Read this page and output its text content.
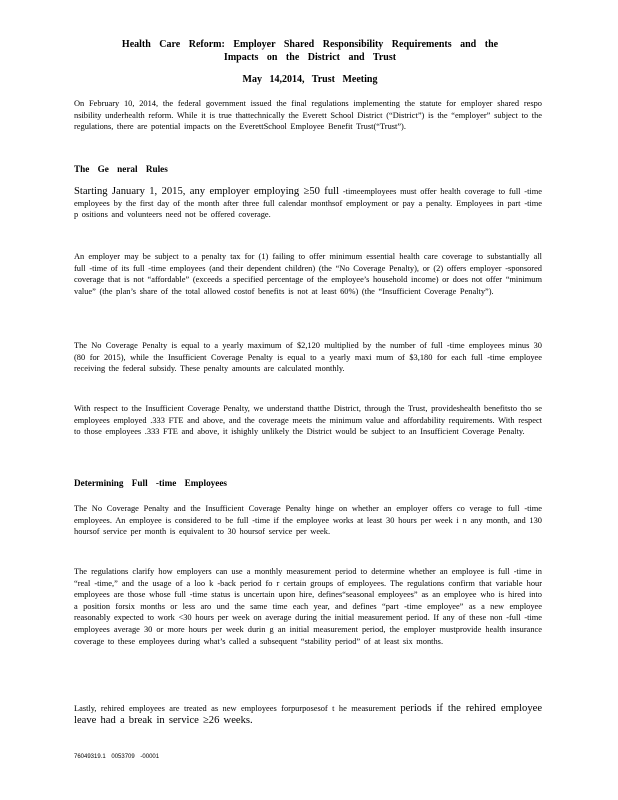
Health Care Reform: Employer Shared Responsibility Requirements and the
Impacts on the District and Trust
May 14,2014, Trust Meeting

On February 10, 2014, the federal government issued the final regulations implementing the statute for employer shared respo nsibility underhealth reform. While it is true thattechnically the Everett School District (“District”) is the “employer” subject to the regulations, there are potential impacts on the EverettSchool Employee Benefit Trust(“Trust”).

The Ge neral Rules

Starting January 1, 2015, any employer employing ≥50 full -timeemployees must offer health coverage to full -time employees by the first day of the month after three full calendar monthsof employment or pay a penalty. Employees in part -time p ositions and volunteers need not be offered coverage.

An employer may be subject to a penalty tax for (1) failing to offer minimum essential health care coverage to substantially all full -time of its full -time employees (and their dependent children) (the “No Coverage Penalty), or (2) offers employer -sponsored coverage that is not “affordable” (exceeds a specified percentage of the employee’s household income) or does not offer “minimum value” (the plan’s share of the total allowed costof benefits is not at least 60%) (the “Insufficient Coverage Penalty”).

The No Coverage Penalty is equal to a yearly maximum of $2,120 multiplied by the number of full -time employees minus 30 (80 for 2015), while the Insufficient Coverage Penalty is equal to a yearly maxi mum of $3,180 for each full -time employee receiving the federal subsidy. These penalty amounts are calculated monthly.

With respect to the Insufficient Coverage Penalty, we understand thatthe District, through the Trust, provideshealth benefitsto tho se employees employed .333 FTE and above, and the coverage meets the minimum value and affordability requirements. With respect to those employees .333 FTE and above, it ishighly unlikely the District would be subject to an Insufficient Coverage Penalty.

Determining Full -time Employees

The No Coverage Penalty and the Insufficient Coverage Penalty hinge on whether an employer offers co verage to full -time employees. An employee is considered to be full -time if the employee works at least 30 hours per week i n any month, and 130 hoursof service per month is equivalent to 30 hoursof service per week.

The regulations clarify how employers can use a monthly measurement period to determine whether an employee is full -time in “real -time,” and the usage of a loo k -back period fo r certain groups of employees. The regulations confirm that variable hour employees are those whose full -time status is uncertain upon hire, defines“seasonal employees” as an employee who is hired into a position forsix months or less aro und the same time each year, and defines “part -time employee” as a new employee reasonably expected to work <30 hours per week on average during the initial measurement period. If any of these non -full -time employees average 30 or more hours per week durin g an initial measurement period, the employer mustprovide health insurance coverage to these employees during what’s called a subsequent “stability period” of at least six months.

Lastly, rehired employees are treated as new employees forpurposesof t he measurement periods if the rehired employee leave had a break in service ≥26 weeks.

76049319.1 0053709 -00001
